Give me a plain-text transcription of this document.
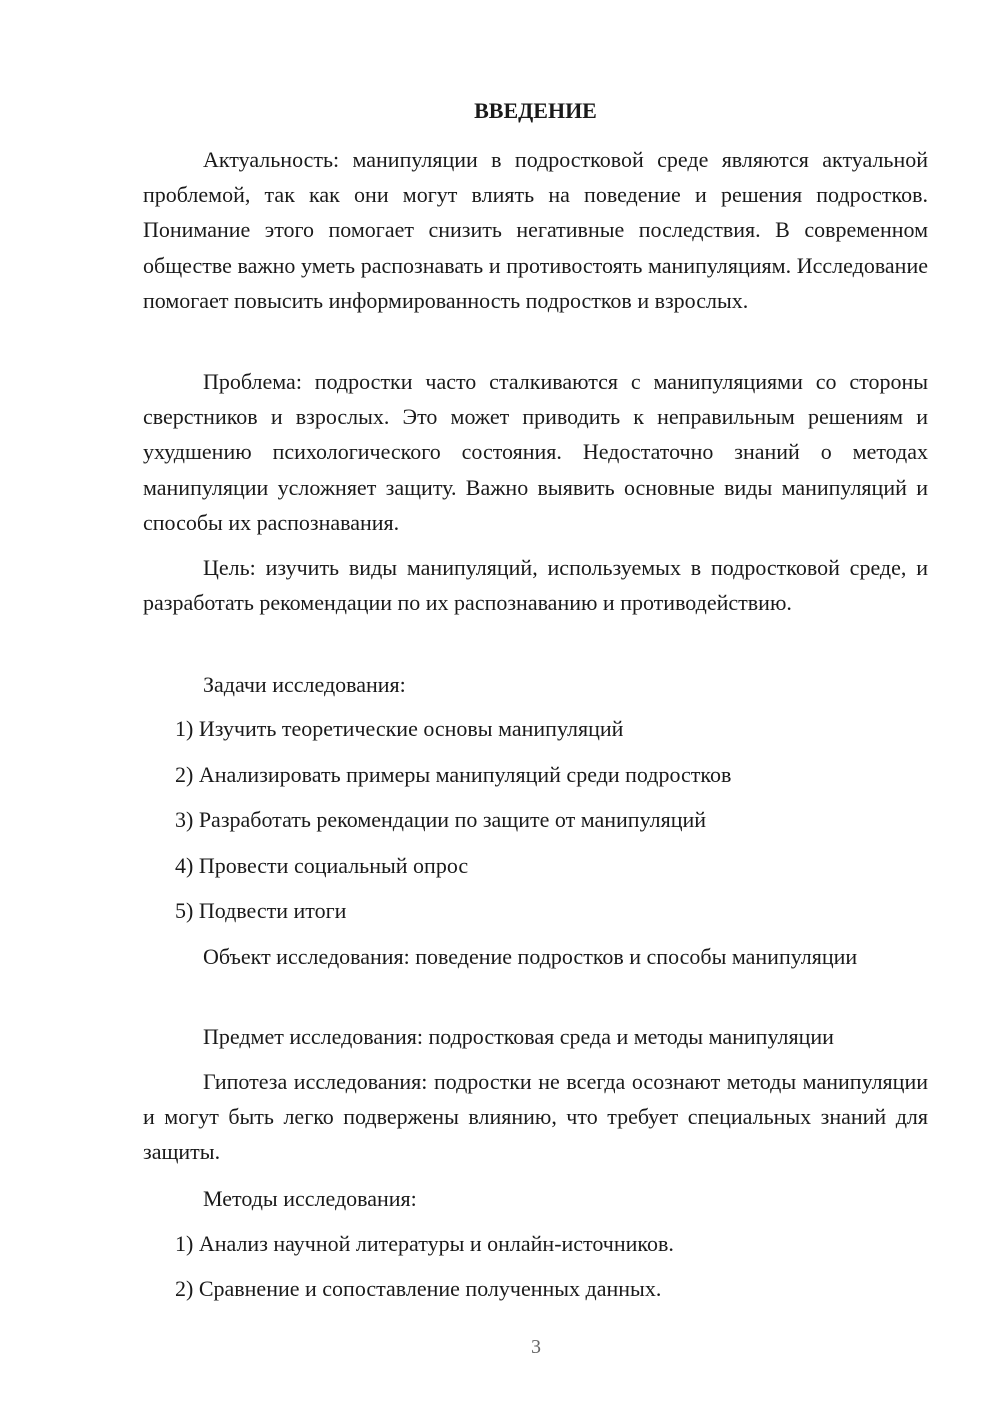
ВВЕДЕНИЕ

Актуальность: манипуляции в подростковой среде являются актуальной проблемой, так как они могут влиять на поведение и решения подростков. Понимание этого помогает снизить негативные последствия. В современном обществе важно уметь распознавать и противостоять манипуляциям. Исследование помогает повысить информированность подростков и взрослых.

Проблема: подростки часто сталкиваются с манипуляциями со стороны сверстников и взрослых. Это может приводить к неправильным решениям и ухудшению психологического состояния. Недостаточно знаний о методах манипуляции усложняет защиту. Важно выявить основные виды манипуляций и способы их распознавания.

Цель: изучить виды манипуляций, используемых в подростковой среде, и разработать рекомендации по их распознаванию и противодействию.

Задачи исследования:

1) Изучить теоретические основы манипуляций

2) Анализировать примеры манипуляций среди подростков

3) Разработать рекомендации по защите от манипуляций

4) Провести социальный опрос

5) Подвести итоги

Объект исследования: поведение подростков и способы манипуляции

Предмет исследования: подростковая среда и методы манипуляции

Гипотеза исследования: подростки не всегда осознают методы манипуляции и могут быть легко подвержены влиянию, что требует специальных знаний для защиты.

Методы исследования:

1) Анализ научной литературы и онлайн-источников.

2) Сравнение и сопоставление полученных данных.

3
